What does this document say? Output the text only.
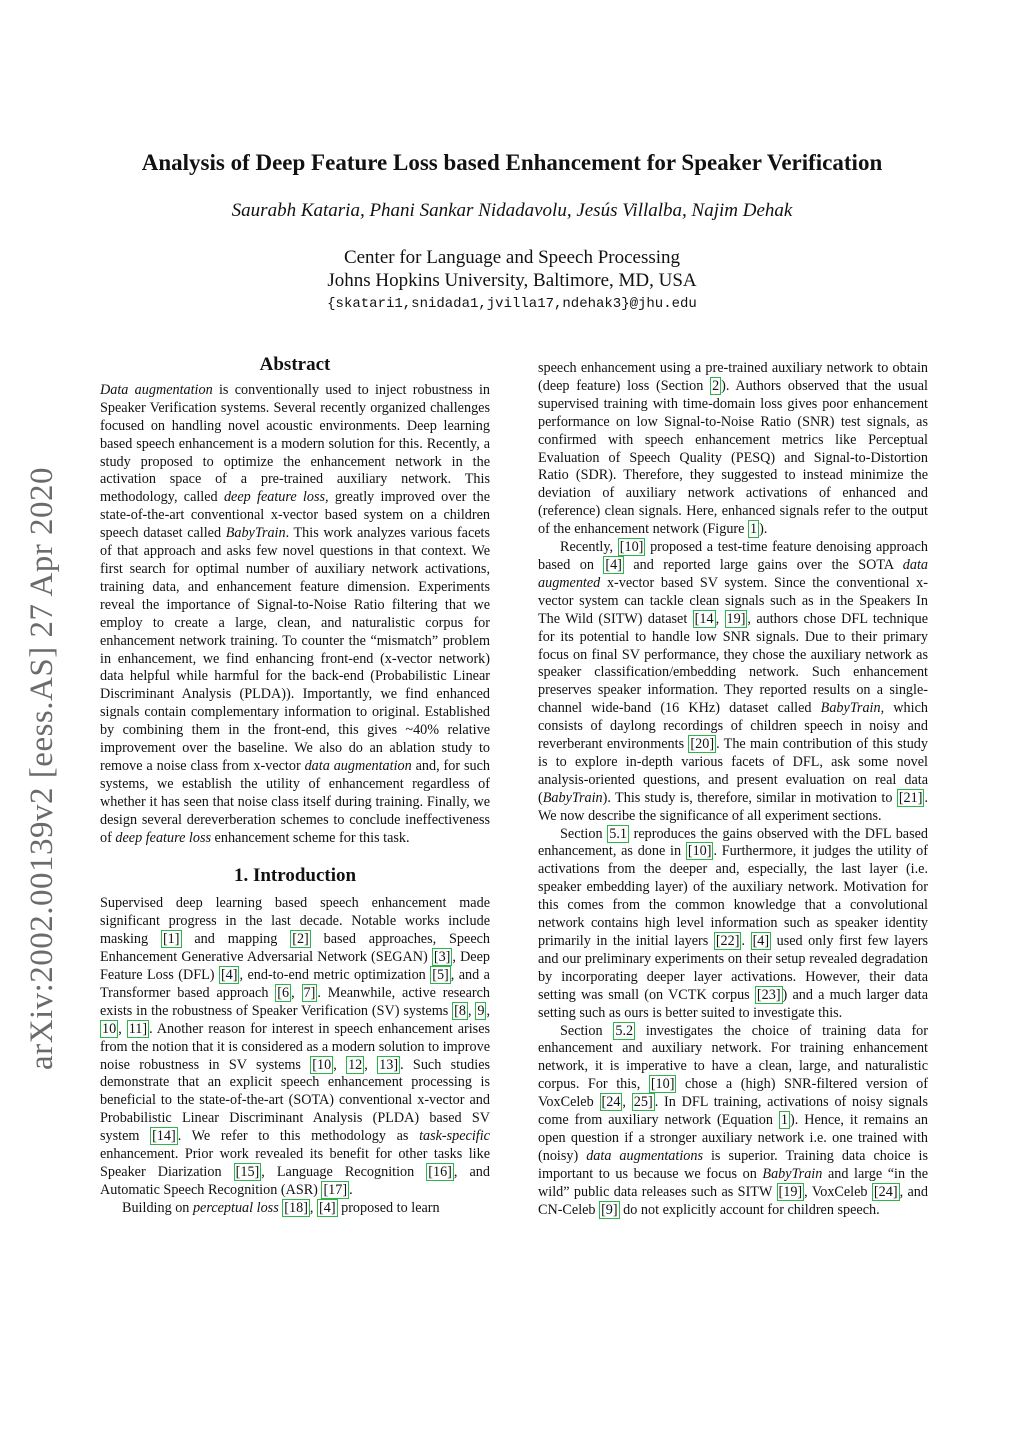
Analysis of Deep Feature Loss based Enhancement for Speaker Verification
Saurabh Kataria, Phani Sankar Nidadavolu, Jesús Villalba, Najim Dehak
Center for Language and Speech Processing
Johns Hopkins University, Baltimore, MD, USA
{skatari1,snidada1,jvilla17,ndehak3}@jhu.edu
arXiv:2002.00139v2 [eess.AS] 27 Apr 2020
Abstract

Data augmentation is conventionally used to inject robustness in Speaker Verification systems. Several recently organized challenges focused on handling novel acoustic environments. Deep learning based speech enhancement is a modern solution for this. Recently, a study proposed to optimize the enhancement network in the activation space of a pre-trained auxiliary network. This methodology, called deep feature loss, greatly improved over the state-of-the-art conventional x-vector based system on a children speech dataset called BabyTrain. This work analyzes various facets of that approach and asks few novel questions in that context. We first search for optimal number of auxiliary network activations, training data, and enhancement feature dimension. Experiments reveal the importance of Signal-to-Noise Ratio filtering that we employ to create a large, clean, and naturalistic corpus for enhancement network training. To counter the “mismatch” problem in enhancement, we find enhancing front-end (x-vector network) data helpful while harmful for the back-end (Probabilistic Linear Discriminant Analysis (PLDA)). Importantly, we find enhanced signals contain complementary information to original. Established by combining them in the front-end, this gives ~40% relative improvement over the baseline. We also do an ablation study to remove a noise class from x-vector data augmentation and, for such systems, we establish the utility of enhancement regardless of whether it has seen that noise class itself during training. Finally, we design several dereverberation schemes to conclude ineffectiveness of deep feature loss enhancement scheme for this task.

1. Introduction

Supervised deep learning based speech enhancement made significant progress in the last decade. Notable works include masking [1] and mapping [2] based approaches, Speech Enhancement Generative Adversarial Network (SEGAN) [3] , Deep Feature Loss (DFL) [4] , end-to-end metric optimization [5] , and a Transformer based approach [6 , 7] . Meanwhile, active research exists in the robustness of Speaker Verification (SV) systems [8 , 9 , 10 , 11] . Another reason for interest in speech enhancement arises from the notion that it is considered as a modern solution to improve noise robustness in SV systems [10 , 12 , 13] . Such studies demonstrate that an explicit speech enhancement processing is beneficial to the state-of-the-art (SOTA) conventional x-vector and Probabilistic Linear Discriminant Analysis (PLDA) based SV system [14] . We refer to this methodology as task-specific enhancement. Prior work revealed its benefit for other tasks like Speaker Diarization [15] , Language Recognition [16] , and Automatic Speech Recognition (ASR) [17] .

Building on perceptual loss [18] , [4] proposed to learn

speech enhancement using a pre-trained auxiliary network to obtain (deep feature) loss (Section 2 ). Authors observed that the usual supervised training with time-domain loss gives poor enhancement performance on low Signal-to-Noise Ratio (SNR) test signals, as confirmed with speech enhancement metrics like Perceptual Evaluation of Speech Quality (PESQ) and Signal-to-Distortion Ratio (SDR). Therefore, they suggested to instead minimize the deviation of auxiliary network activations of enhanced and (reference) clean signals. Here, enhanced signals refer to the output of the enhancement network (Figure 1 ).

Recently, [10] proposed a test-time feature denoising approach based on [4] and reported large gains over the SOTA data augmented x-vector based SV system. Since the conventional x-vector system can tackle clean signals such as in the Speakers In The Wild (SITW) dataset [14 , 19] , authors chose DFL technique for its potential to handle low SNR signals. Due to their primary focus on final SV performance, they chose the auxiliary network as speaker classification/embedding network. Such enhancement preserves speaker information. They reported results on a single-channel wide-band (16 KHz) dataset called BabyTrain, which consists of daylong recordings of children speech in noisy and reverberant environments [20] . The main contribution of this study is to explore in-depth various facets of DFL, ask some novel analysis-oriented questions, and present evaluation on real data (BabyTrain). This study is, therefore, similar in motivation to [21] . We now describe the significance of all experiment sections.

Section 5.1 reproduces the gains observed with the DFL based enhancement, as done in [10] . Furthermore, it judges the utility of activations from the deeper and, especially, the last layer (i.e. speaker embedding layer) of the auxiliary network. Motivation for this comes from the common knowledge that a convolutional network contains high level information such as speaker identity primarily in the initial layers [22] . [4] used only first few layers and our preliminary experiments on their setup revealed degradation by incorporating deeper layer activations. However, their data setting was small (on VCTK corpus [23] ) and a much larger data setting such as ours is better suited to investigate this.

Section 5.2 investigates the choice of training data for enhancement and auxiliary network. For training enhancement network, it is imperative to have a clean, large, and naturalistic corpus. For this, [10] chose a (high) SNR-filtered version of VoxCeleb [24 , 25] . In DFL training, activations of noisy signals come from auxiliary network (Equation 1 ). Hence, it remains an open question if a stronger auxiliary network i.e. one trained with (noisy) data augmentations is superior. Training data choice is important to us because we focus on BabyTrain and large “in the wild” public data releases such as SITW [19] , VoxCeleb [24] , and CN-Celeb [9] do not explicitly account for children speech.
